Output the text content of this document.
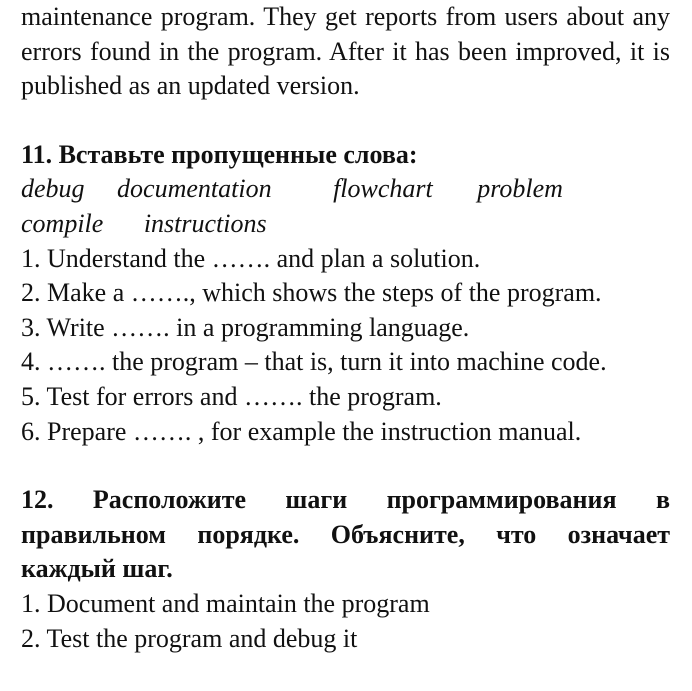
maintenance program. They get reports from users about any errors found in the program. After it has been improved, it is published as an updated version.

11. Вставьте пропущенные слова:
debug documentation flowchart problem
compile instructions
1. Understand the ……. and plan a solution.
2. Make a ……., which shows the steps of the program.
3. Write ……. in a programming language.
4. ……. the program – that is, turn it into machine code.
5. Test for errors and ……. the program.
6. Prepare ……. , for example the instruction manual.
12. Расположите шаги программирования в правильном порядке. Объясните, что означает каждый шаг.
1. Document and maintain the program
2. Test the program and debug it
